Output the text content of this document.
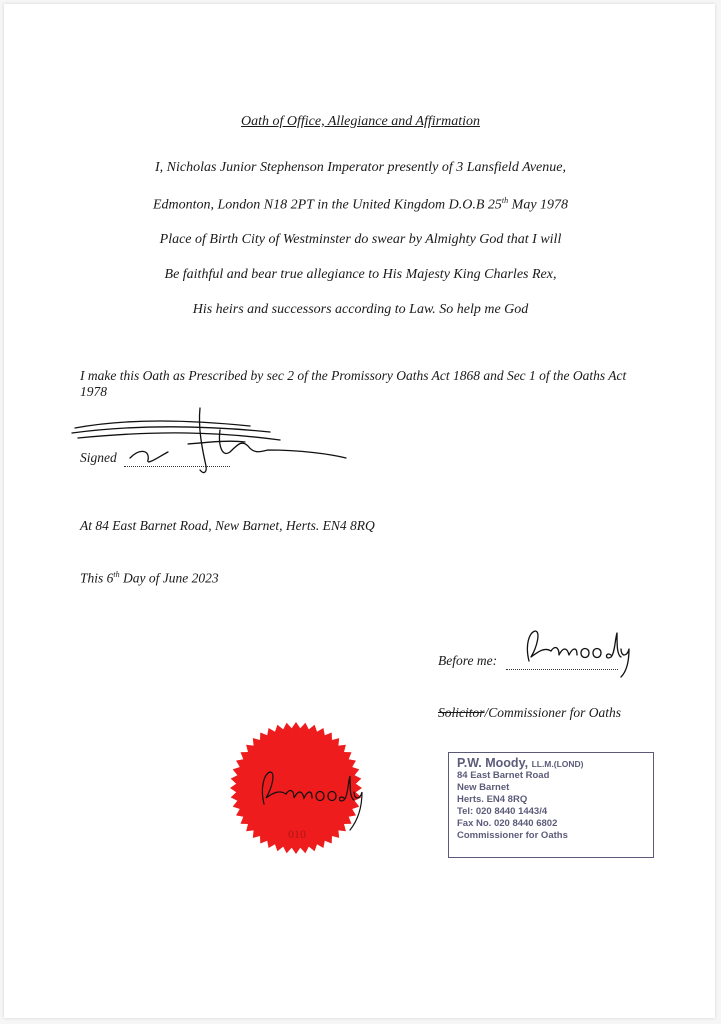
Oath of Office, Allegiance and Affirmation
I, Nicholas Junior Stephenson Imperator presently of 3 Lansfield Avenue,
Edmonton, London N18 2PT in the United Kingdom D.O.B 25th May 1978
Place of Birth City of Westminster do swear by Almighty God that I will
Be faithful and bear true allegiance to His Majesty King Charles Rex,
His heirs and successors according to Law. So help me God
I make this Oath as Prescribed by sec 2 of the Promissory Oaths Act 1868 and Sec 1 of the Oaths Act 1978
Signed
At 84 East Barnet Road, New Barnet, Herts. EN4 8RQ
This 6th Day of June 2023
Before me:
Solicitor/Commissioner for Oaths
010
P.W. Moody, LL.M.(LOND)
84 East Barnet Road
New Barnet
Herts. EN4 8RQ
Tel: 020 8440 1443/4
Fax No. 020 8440 6802
Commissioner for Oaths
